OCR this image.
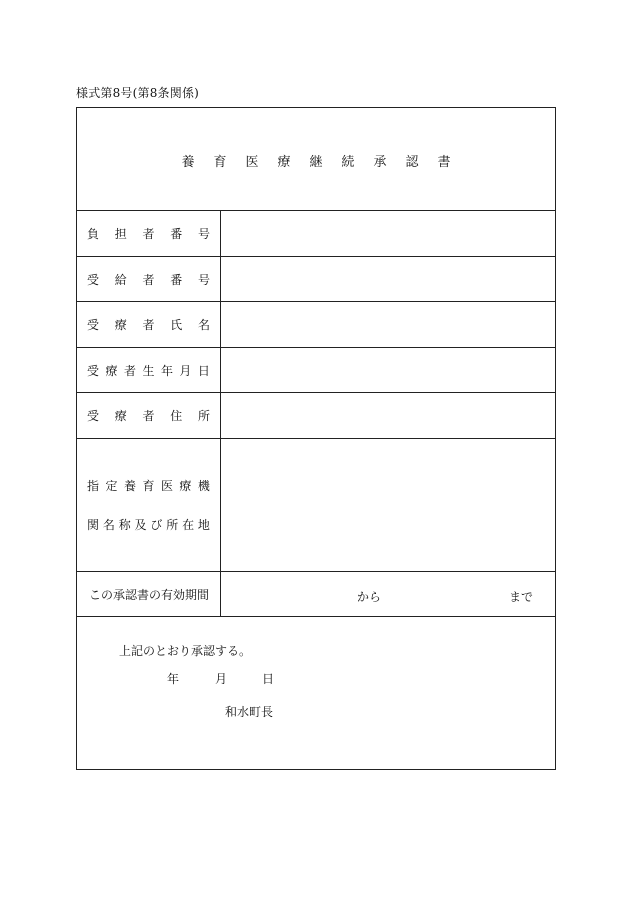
様式第8号(第8条関係)
養育医療継続承認書
負 担 者 番 号
受 給 者 番 号
受 療 者 氏 名
受 療 者 生 年 月 日
受 療 者 住 所
指 定 養 育 医 療 機
関 名 称 及 び 所 在 地
この承認書の有効期間	から	まで
上記のとおり承認する。
年	月	日
和水町長
